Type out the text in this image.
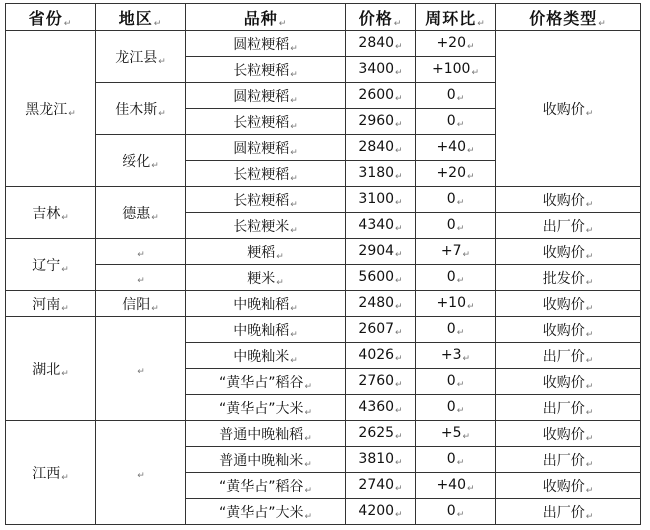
省份↵	地区↵	品种↵	价格↵	周环比↵	价格类型↵
黑龙江↵	龙江县↵	圆粒粳稻↵	2840↵	+20↵	收购价↵
		长粒粳稻↵	3400↵	+100↵	
	佳木斯↵	圆粒粳稻↵	2600↵	0↵	
		长粒粳稻↵	2960↵	0↵	
	绥化↵	圆粒粳稻↵	2840↵	+40↵	
		长粒粳稻↵	3180↵	+20↵	
吉林↵	德惠↵	长粒粳稻↵	3100↵	0↵	收购价↵
		长粒粳米↵	4340↵	0↵	出厂价↵
辽宁↵	↵	粳稻↵	2904↵	+7↵	收购价↵
	↵	粳米↵	5600↵	0↵	批发价↵
河南↵	信阳↵	中晚籼稻↵	2480↵	+10↵	收购价↵
湖北↵	↵	中晚籼稻↵	2607↵	0↵	收购价↵
		中晚籼米↵	4026↵	+3↵	出厂价↵
		“黄华占”稻谷↵	2760↵	0↵	收购价↵
		“黄华占”大米↵	4360↵	0↵	出厂价↵
江西↵	↵	普通中晚籼稻↵	2625↵	+5↵	收购价↵
		普通中晚籼米↵	3810↵	0↵	出厂价↵
		“黄华占”稻谷↵	2740↵	+40↵	收购价↵
		“黄华占”大米↵	4200↵	0↵	出厂价↵
